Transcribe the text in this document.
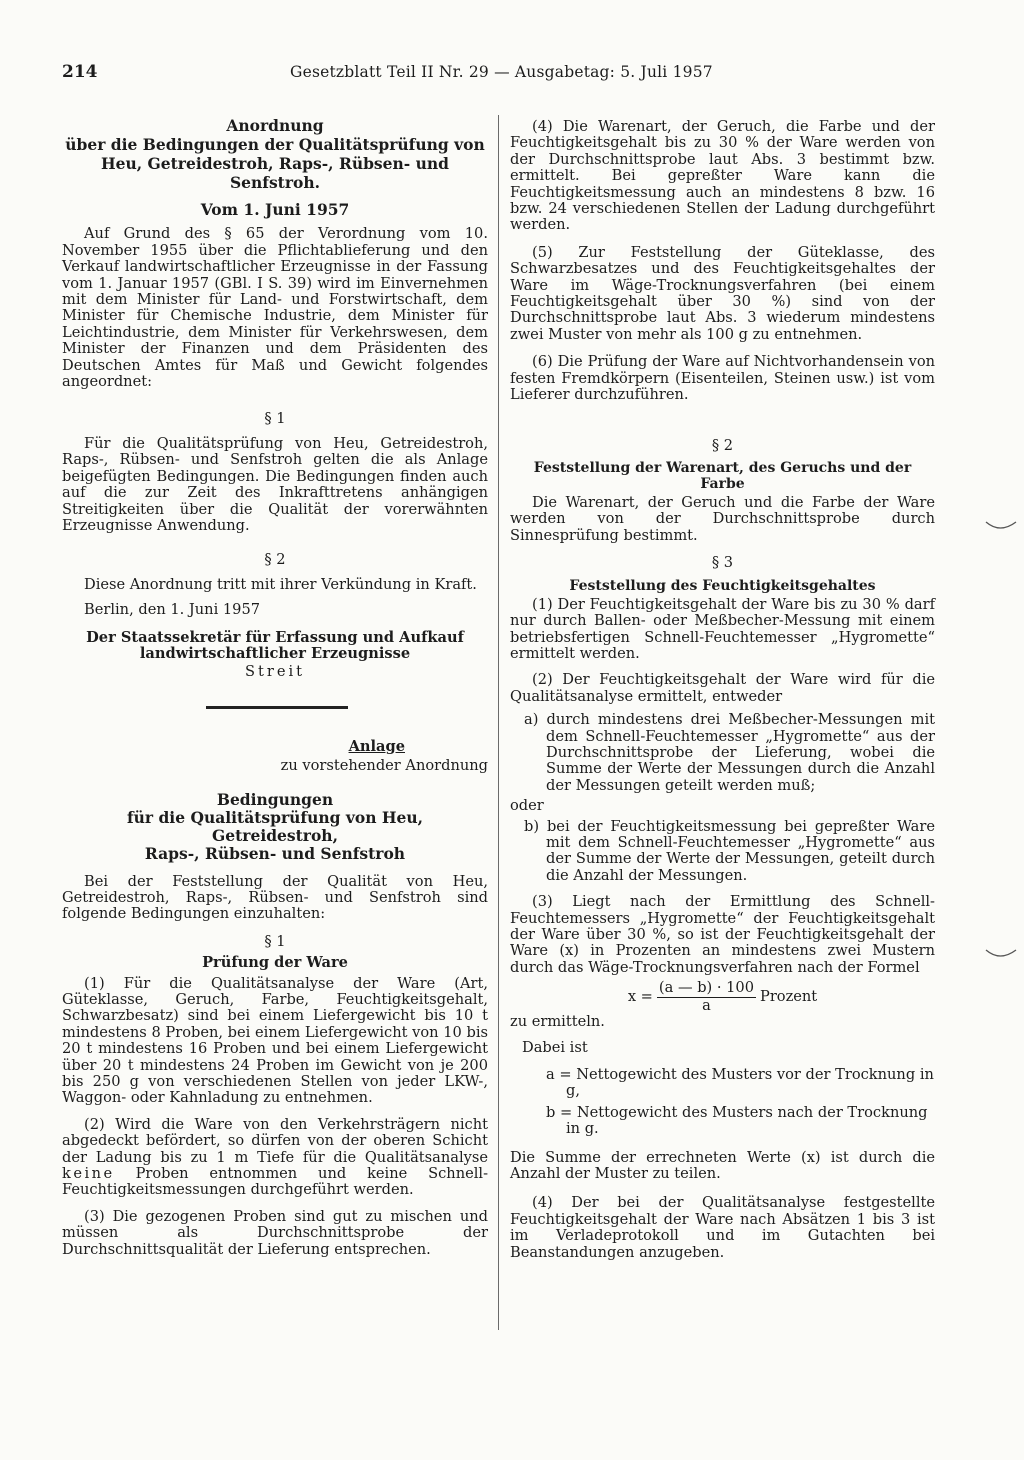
214	Gesetzblatt Teil II Nr. 29 — Ausgabetag: 5. Juli 1957

Anordnung

über die Bedingungen der Qualitätsprüfung von

Heu, Getreidestroh, Raps-, Rübsen- und Senfstroh.

Vom 1. Juni 1957

Auf Grund des § 65 der Verordnung vom 10. November 1955 über die Pflichtablieferung und den Verkauf landwirtschaftlicher Erzeugnisse in der Fassung vom 1. Januar 1957 (GBl. I S. 39) wird im Einvernehmen mit dem Minister für Land- und Forstwirtschaft, dem Minister für Chemische Industrie, dem Minister für Leichtindustrie, dem Minister für Verkehrswesen, dem Minister der Finanzen und dem Präsidenten des Deutschen Amtes für Maß und Gewicht folgendes angeordnet:

§ 1

Für die Qualitätsprüfung von Heu, Getreidestroh, Raps-, Rübsen- und Senfstroh gelten die als Anlage beigefügten Bedingungen. Die Bedingungen finden auch auf die zur Zeit des Inkrafttretens anhängigen Streitigkeiten über die Qualität der vorerwähnten Erzeugnisse Anwendung.

§ 2

Diese Anordnung tritt mit ihrer Verkündung in Kraft.

Berlin, den 1. Juni 1957

Der Staatssekretär für Erfassung und Aufkauf

landwirtschaftlicher Erzeugnisse

Streit

Anlage

zu vorstehender Anordnung

Bedingungen

für die Qualitätsprüfung von Heu, Getreidestroh,

Raps-, Rübsen- und Senfstroh

Bei der Feststellung der Qualität von Heu, Getreidestroh, Raps-, Rübsen- und Senfstroh sind folgende Bedingungen einzuhalten:

§ 1

Prüfung der Ware

(1) Für die Qualitätsanalyse der Ware (Art, Güteklasse, Geruch, Farbe, Feuchtigkeitsgehalt, Schwarzbesatz) sind bei einem Liefergewicht bis 10 t mindestens 8 Proben, bei einem Liefergewicht von 10 bis 20 t mindestens 16 Proben und bei einem Liefergewicht über 20 t mindestens 24 Proben im Gewicht von je 200 bis 250 g von verschiedenen Stellen von jeder LKW-, Waggon- oder Kahnladung zu entnehmen.

(2) Wird die Ware von den Verkehrsträgern nicht abgedeckt befördert, so dürfen von der oberen Schicht der Ladung bis zu 1 m Tiefe für die Qualitätsanalyse keine Proben entnommen und keine Schnell-Feuchtigkeitsmessungen durchgeführt werden.

(3) Die gezogenen Proben sind gut zu mischen und müssen als Durchschnittsprobe der Durchschnittsqualität der Lieferung entsprechen.

(4) Die Warenart, der Geruch, die Farbe und der Feuchtigkeitsgehalt bis zu 30 % der Ware werden von der Durchschnittsprobe laut Abs. 3 bestimmt bzw. ermittelt. Bei gepreßter Ware kann die Feuchtigkeitsmessung auch an mindestens 8 bzw. 16 bzw. 24 verschiedenen Stellen der Ladung durchgeführt werden.

(5) Zur Feststellung der Güteklasse, des Schwarzbesatzes und des Feuchtigkeitsgehaltes der Ware im Wäge-Trocknungsverfahren (bei einem Feuchtigkeitsgehalt über 30 %) sind von der Durchschnittsprobe laut Abs. 3 wiederum mindestens zwei Muster von mehr als 100 g zu entnehmen.

(6) Die Prüfung der Ware auf Nichtvorhandensein von festen Fremdkörpern (Eisenteilen, Steinen usw.) ist vom Lieferer durchzuführen.

§ 2

Feststellung der Warenart, des Geruchs und der Farbe

Die Warenart, der Geruch und die Farbe der Ware werden von der Durchschnittsprobe durch Sinnesprüfung bestimmt.

§ 3

Feststellung des Feuchtigkeitsgehaltes

(1) Der Feuchtigkeitsgehalt der Ware bis zu 30 % darf nur durch Ballen- oder Meßbecher-Messung mit einem betriebsfertigen Schnell-Feuchtemesser „Hygromette“ ermittelt werden.

(2) Der Feuchtigkeitsgehalt der Ware wird für die Qualitätsanalyse ermittelt, entweder

a) durch mindestens drei Meßbecher-Messungen mit dem Schnell-Feuchtemesser „Hygromette“ aus der Durchschnittsprobe der Lieferung, wobei die Summe der Werte der Messungen durch die Anzahl der Messungen geteilt werden muß;

oder

b) bei der Feuchtigkeitsmessung bei gepreßter Ware mit dem Schnell-Feuchtemesser „Hygromette“ aus der Summe der Werte der Messungen, geteilt durch die Anzahl der Messungen.

(3) Liegt nach der Ermittlung des Schnell-Feuchtemessers „Hygromette“ der Feuchtigkeitsgehalt der Ware über 30 %, so ist der Feuchtigkeitsgehalt der Ware (x) in Prozenten an mindestens zwei Mustern durch das Wäge-Trocknungsverfahren nach der Formel

$x = \frac{(a — b) \cdot 100}{a}$ Prozent

zu ermitteln.

Dabei ist

a = Nettogewicht des Musters vor der Trocknung in g,

b = Nettogewicht des Musters nach der Trocknung in g.

Die Summe der errechneten Werte (x) ist durch die Anzahl der Muster zu teilen.

(4) Der bei der Qualitätsanalyse festgestellte Feuchtigkeitsgehalt der Ware nach Absätzen 1 bis 3 ist im Verladeprotokoll und im Gutachten bei Beanstandungen anzugeben.
